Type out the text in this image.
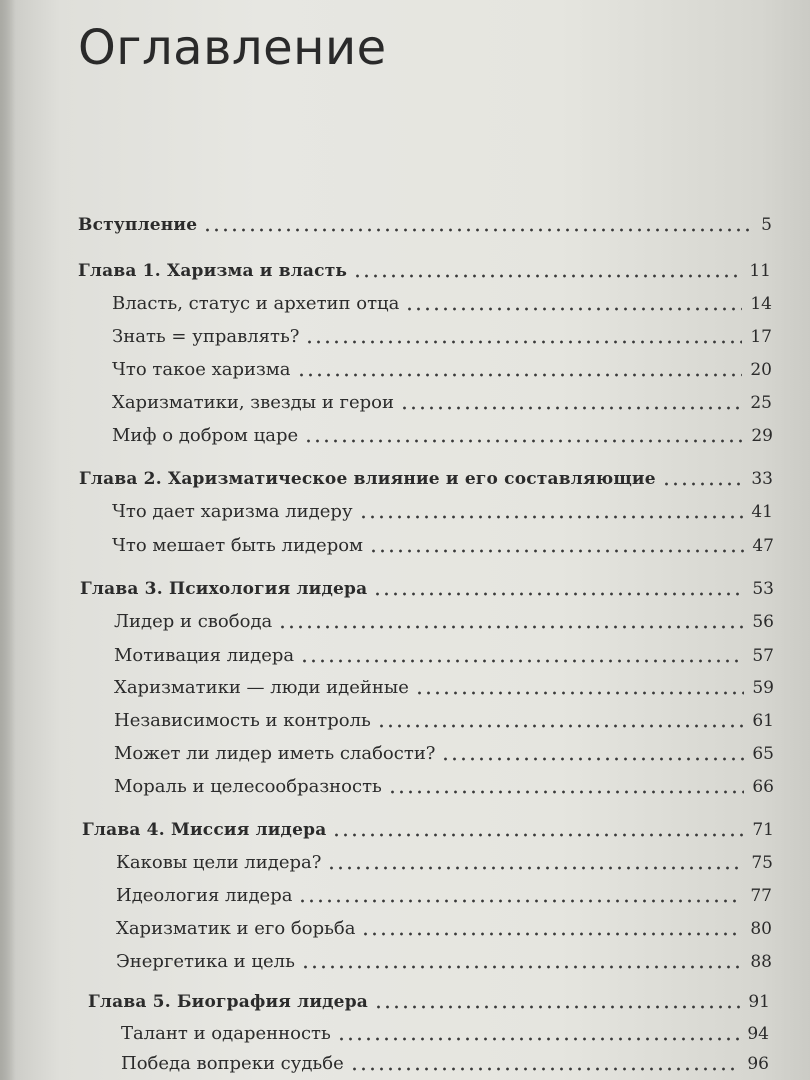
Оглавление
Вступление	5
Глава 1. Харизма и власть	11
Власть, статус и архетип отца	14
Знать = управлять?	17
Что такое харизма	20
Харизматики, звезды и герои	25
Миф о добром царе	29
Глава 2. Харизматическое влияние и его составляющие	33
Что дает харизма лидеру	41
Что мешает быть лидером	47
Глава 3. Психология лидера	53
Лидер и свобода	56
Мотивация лидера	57
Харизматики — люди идейные	59
Независимость и контроль	61
Может ли лидер иметь слабости?	65
Мораль и целесообразность	66
Глава 4. Миссия лидера	71
Каковы цели лидера?	75
Идеология лидера	77
Харизматик и его борьба	80
Энергетика и цель	88
Глава 5. Биография лидера	91
Талант и одаренность	94
Победа вопреки судьбе	96
